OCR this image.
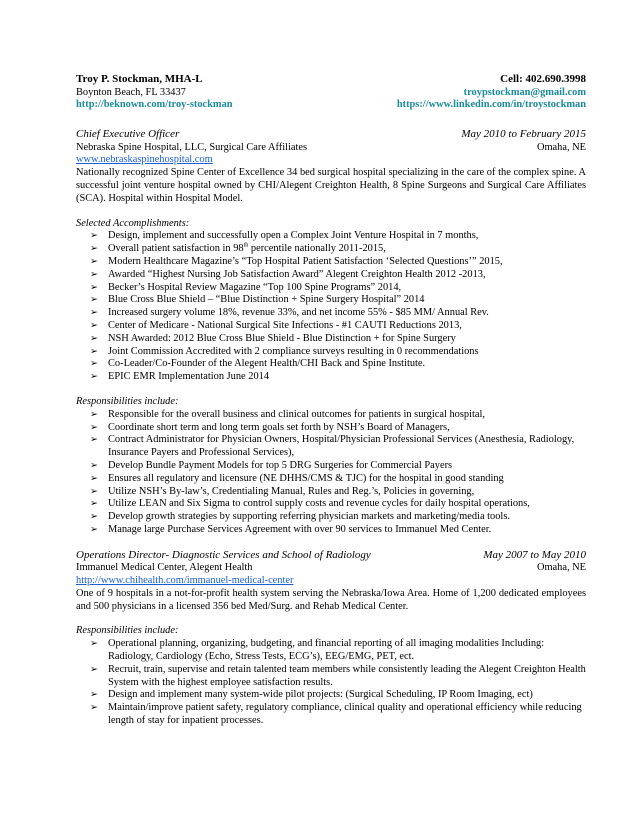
Troy P. Stockman, MHA-L	Cell: 402.690.3998
Boynton Beach, FL 33437	troypstockman@gmail.com
http://beknown.com/troy-stockman	https://www.linkedin.com/in/troystockman
Chief Executive Officer	May 2010 to February 2015
Nebraska Spine Hospital, LLC, Surgical Care Affiliates	Omaha, NE
www.nebraskaspinehospital.com
Nationally recognized Spine Center of Excellence 34 bed surgical hospital specializing in the care of the complex spine. A successful joint venture hospital owned by CHI/Alegent Creighton Health, 8 Spine Surgeons and Surgical Care Affiliates (SCA). Hospital within Hospital Model.
Selected Accomplishments:
➢ Design, implement and successfully open a Complex Joint Venture Hospital in 7 months,
➢ Overall patient satisfaction in 98th percentile nationally 2011-2015,
➢ Modern Healthcare Magazine’s “Top Hospital Patient Satisfaction ‘Selected Questions’” 2015,
➢ Awarded “Highest Nursing Job Satisfaction Award” Alegent Creighton Health 2012 -2013,
➢ Becker’s Hospital Review Magazine “Top 100 Spine Programs” 2014,
➢ Blue Cross Blue Shield – “Blue Distinction + Spine Surgery Hospital” 2014
➢ Increased surgery volume 18%, revenue 33%, and net income 55% - $85 MM/ Annual Rev.
➢ Center of Medicare - National Surgical Site Infections - #1 CAUTI Reductions 2013,
➢ NSH Awarded: 2012 Blue Cross Blue Shield - Blue Distinction + for Spine Surgery
➢ Joint Commission Accredited with 2 compliance surveys resulting in 0 recommendations
➢ Co-Leader/Co-Founder of the Alegent Health/CHI Back and Spine Institute.
➢ EPIC EMR Implementation June 2014
Responsibilities include:
➢ Responsible for the overall business and clinical outcomes for patients in surgical hospital,
➢ Coordinate short term and long term goals set forth by NSH’s Board of Managers,
➢ Contract Administrator for Physician Owners, Hospital/Physician Professional Services (Anesthesia, Radiology, Insurance Payers and Professional Services),
➢ Develop Bundle Payment Models for top 5 DRG Surgeries for Commercial Payers
➢ Ensures all regulatory and licensure (NE DHHS/CMS & TJC) for the hospital in good standing
➢ Utilize NSH’s By-law’s, Credentialing Manual, Rules and Reg.’s, Policies in governing,
➢ Utilize LEAN and Six Sigma to control supply costs and revenue cycles for daily hospital operations,
➢ Develop growth strategies by supporting referring physician markets and marketing/media tools.
➢ Manage large Purchase Services Agreement with over 90 services to Immanuel Med Center.
Operations Director- Diagnostic Services and School of Radiology	May 2007 to May 2010
Immanuel Medical Center, Alegent Health	Omaha, NE
http://www.chihealth.com/immanuel-medical-center
One of 9 hospitals in a not-for-profit health system serving the Nebraska/Iowa Area. Home of 1,200 dedicated employees and 500 physicians in a licensed 356 bed Med/Surg. and Rehab Medical Center.
Responsibilities include:
➢ Operational planning, organizing, budgeting, and financial reporting of all imaging modalities Including: Radiology, Cardiology (Echo, Stress Tests, ECG’s), EEG/EMG, PET, ect.
➢ Recruit, train, supervise and retain talented team members while consistently leading the Alegent Creighton Health System with the highest employee satisfaction results.
➢ Design and implement many system-wide pilot projects: (Surgical Scheduling, IP Room Imaging, ect)
➢ Maintain/improve patient safety, regulatory compliance, clinical quality and operational efficiency while reducing length of stay for inpatient processes.
